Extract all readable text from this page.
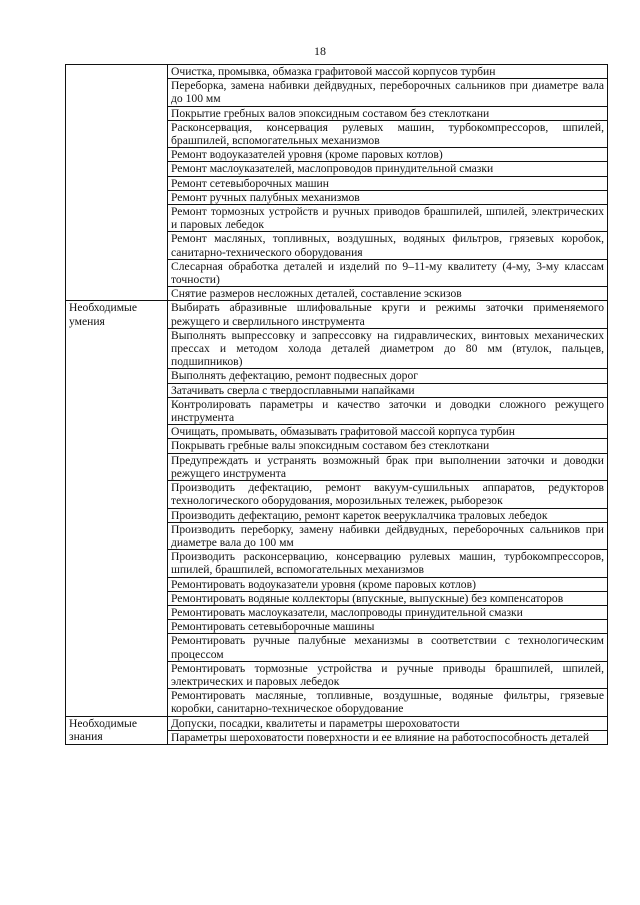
18
	Очистка, промывка, обмазка графитовой массой корпусов турбин
	Переборка, замена набивки дейдвудных, переборочных сальников при диаметре вала до 100 мм
	Покрытие гребных валов эпоксидным составом без стеклоткани
	Расконсервация, консервация рулевых машин, турбокомпрессоров, шпилей, брашпилей, вспомогательных механизмов
	Ремонт водоуказателей уровня (кроме паровых котлов)
	Ремонт маслоуказателей, маслопроводов принудительной смазки
	Ремонт сетевыборочных машин
	Ремонт ручных палубных механизмов
	Ремонт тормозных устройств и ручных приводов брашпилей, шпилей, электрических и паровых лебедок
	Ремонт масляных, топливных, воздушных, водяных фильтров, грязевых коробок, санитарно-технического оборудования
	Слесарная обработка деталей и изделий по 9–11-му квалитету (4-му, 3-му классам точности)
	Снятие размеров несложных деталей, составление эскизов
Необходимые умения	Выбирать абразивные шлифовальные круги и режимы заточки применяемого режущего и сверлильного инструмента
	Выполнять выпрессовку и запрессовку на гидравлических, винтовых механических прессах и методом холода деталей диаметром до 80 мм (втулок, пальцев, подшипников)
	Выполнять дефектацию, ремонт подвесных дорог
	Затачивать сверла с твердосплавными напайками
	Контролировать параметры и качество заточки и доводки сложного режущего инструмента
	Очищать, промывать, обмазывать графитовой массой корпуса турбин
	Покрывать гребные валы эпоксидным составом без стеклоткани
	Предупреждать и устранять возможный брак при выполнении заточки и доводки режущего инструмента
	Производить дефектацию, ремонт вакуум-сушильных аппаратов, редукторов технологического оборудования, морозильных тележек, рыборезок
	Производить дефектацию, ремонт кареток вееруклалчика траловых лебедок
	Производить переборку, замену набивки дейдвудных, переборочных сальников при диаметре вала до 100 мм
	Производить расконсервацию, консервацию рулевых машин, турбокомпрессоров, шпилей, брашпилей, вспомогательных механизмов
	Ремонтировать водоуказатели уровня (кроме паровых котлов)
	Ремонтировать водяные коллекторы (впускные, выпускные) без компенсаторов
	Ремонтировать маслоуказатели, маслопроводы принудительной смазки
	Ремонтировать сетевыборочные машины
	Ремонтировать ручные палубные механизмы в соответствии с технологическим процессом
	Ремонтировать тормозные устройства и ручные приводы брашпилей, шпилей, электрических и паровых лебедок
	Ремонтировать масляные, топливные, воздушные, водяные фильтры, грязевые коробки, санитарно-техническое оборудование
Необходимые знания	Допуски, посадки, квалитеты и параметры шероховатости
	Параметры шероховатости поверхности и ее влияние на работоспособность деталей
